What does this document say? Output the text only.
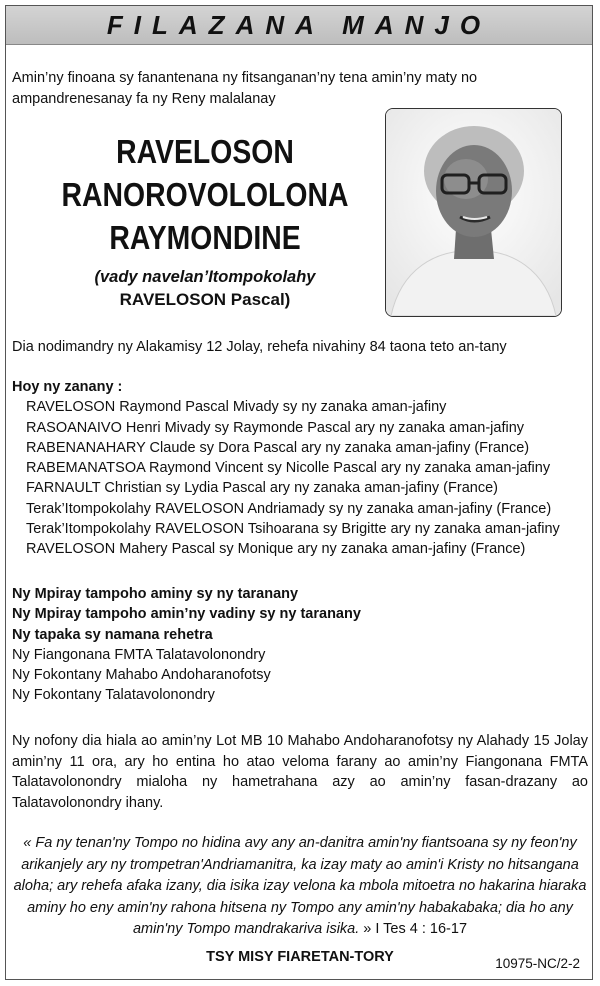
FILAZANA MANJO
Amin’ny finoana sy fanantenana ny fitsanganan’ny tena amin’ny maty no ampandrenesanay fa ny Reny malalanay
RAVELOSON
RANOROVOLOLONA
RAYMONDINE
(vady navelan’Itompokolahy
RAVELOSON Pascal)
Dia nodimandry ny Alakamisy 12 Jolay, rehefa nivahiny 84 taona teto an-tany
Hoy ny zanany :
RAVELOSON Raymond Pascal Mivady sy ny zanaka aman-jafiny
RASOANAIVO Henri Mivady sy Raymonde Pascal ary ny zanaka aman-jafiny
RABENANAHARY Claude sy Dora Pascal ary ny zanaka aman-jafiny (France)
RABEMANATSOA Raymond Vincent sy Nicolle Pascal ary ny zanaka aman-jafiny
FARNAULT Christian sy Lydia Pascal ary ny zanaka aman-jafiny (France)
Terak’Itompokolahy RAVELOSON Andriamady sy ny zanaka aman-jafiny (France)
Terak’Itompokolahy RAVELOSON Tsihoarana sy Brigitte ary ny zanaka aman-jafiny
RAVELOSON Mahery Pascal sy Monique ary ny zanaka aman-jafiny (France)
Ny Mpiray tampoho aminy sy ny taranany
Ny Mpiray tampoho amin’ny vadiny sy ny taranany
Ny tapaka sy namana rehetra
Ny Fiangonana FMTA Talatavolonondry
Ny Fokontany Mahabo Andoharanofotsy
Ny Fokontany Talatavolonondry
Ny nofony dia hiala ao amin’ny Lot MB 10 Mahabo Andoharanofotsy ny Alahady 15 Jolay amin’ny 11 ora, ary ho entina ho atao veloma farany ao amin’ny Fiangonana FMTA Talatavolonondry mialoha ny hametrahana azy ao amin’ny fasan-drazany ao Talatavolonondry ihany.
« Fa ny tenan'ny Tompo no hidina avy any an-danitra amin'ny fiantsoana sy ny feon'ny arikanjely ary ny trompetran'Andriamanitra, ka izay maty ao amin'i Kristy no hitsangana aloha; ary rehefa afaka izany, dia isika izay velona ka mbola mitoetra no hakarina hiaraka aminy ho eny amin'ny rahona hitsena ny Tompo any amin'ny habakabaka; dia ho any amin'ny Tompo mandrakariva isika. » I Tes 4 : 16-17
TSY MISY FIARETAN-TORY	10975-NC/2-2
